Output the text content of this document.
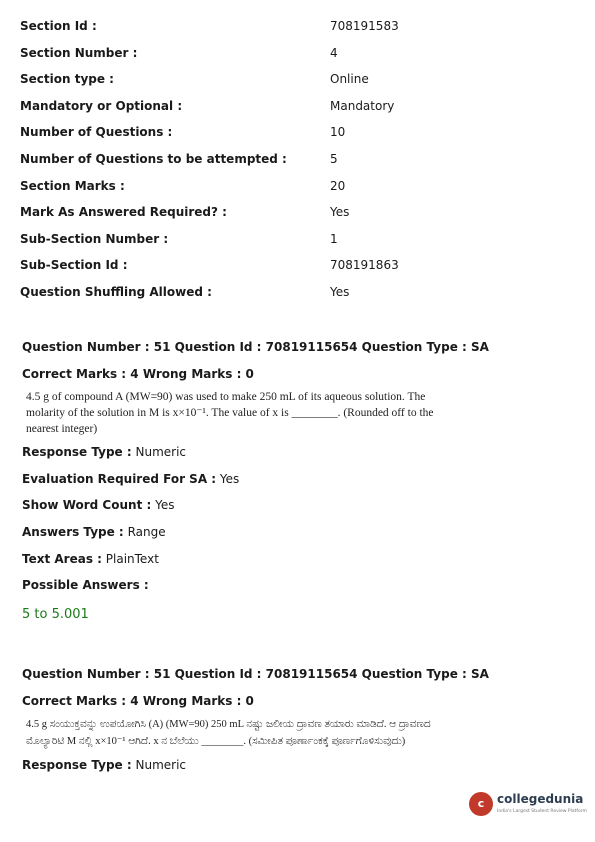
Section Id :	708191583
Section Number :	4
Section type :	Online
Mandatory or Optional :	Mandatory
Number of Questions :	10
Number of Questions to be attempted :	5
Section Marks :	20
Mark As Answered Required? :	Yes
Sub-Section Number :	1
Sub-Section Id :	708191863
Question Shuffling Allowed :	Yes
Question Number : 51 Question Id : 70819115654 Question Type : SA
Correct Marks : 4 Wrong Marks : 0
4.5 g of compound A (MW=90) was used to make 250 mL of its aqueous solution. The molarity of the solution in M is x×10⁻¹. The value of x is ________. (Rounded off to the nearest integer)
Response Type : Numeric
Evaluation Required For SA : Yes
Show Word Count : Yes
Answers Type : Range
Text Areas : PlainText
Possible Answers :
5 to 5.001
Question Number : 51 Question Id : 70819115654 Question Type : SA
Correct Marks : 4 Wrong Marks : 0
4.5 g ಸಂಯುಕ್ತವನ್ನು ಉಪಯೋಗಿಸಿ (A) (MW=90) 250 mL ನಷ್ಟು ಜಲೀಯ ದ್ರಾವಣ ತಯಾರು ಮಾಡಿದೆ. ಆ ದ್ರಾವಣದ ಮೊಲ್ಯಾರಿಟಿ M ನಲ್ಲಿ x×10⁻¹ ಆಗಿದೆ. x ನ ಬೆಲೆಯು ________. (ಸಮೀಪಿತ ಪೂರ್ಣಾಂಕಕ್ಕೆ ಪೂರ್ಣಗೊಳಿಸುವುದು)
Response Type : Numeric
c	collegedunia
India's Largest Student Review Platform
